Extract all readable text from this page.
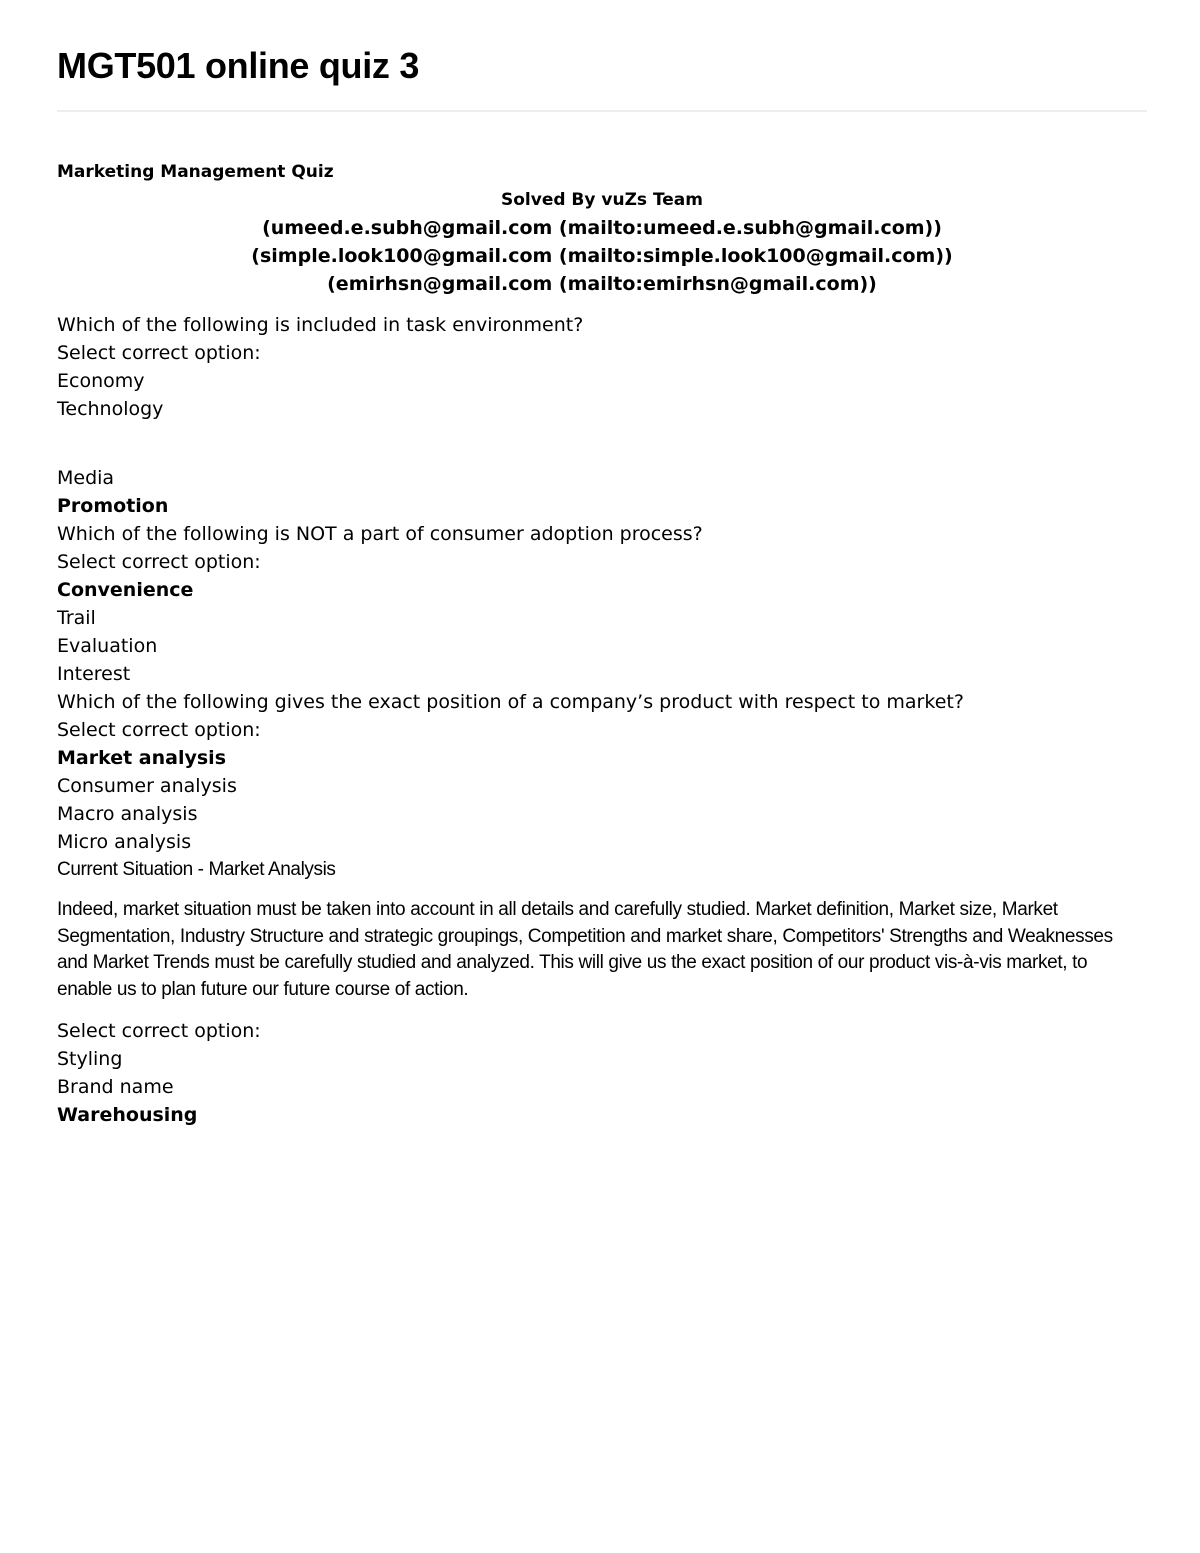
MGT501 online quiz 3
Marketing Management Quiz
Solved By vuZs Team
(umeed.e.subh@gmail.com (mailto:umeed.e.subh@gmail.com))
(simple.look100@gmail.com (mailto:simple.look100@gmail.com))
(emirhsn@gmail.com (mailto:emirhsn@gmail.com))
Which of the following is included in task environment?
Select correct option:
Economy
Technology
Media
Promotion
Which of the following is NOT a part of consumer adoption process?
Select correct option:
Convenience
Trail
Evaluation
Interest
Which of the following gives the exact position of a company’s product with respect to market?
Select correct option:
Market analysis
Consumer analysis
Macro analysis
Micro analysis
Current Situation - Market Analysis
Indeed, market situation must be taken into account in all details and carefully studied. Market definition, Market size, Market Segmentation, Industry Structure and strategic groupings, Competition and market share, Competitors' Strengths and Weaknesses and Market Trends must be carefully studied and analyzed. This will give us the exact position of our product vis-à-vis market, to enable us to plan future our future course of action.
Select correct option:
Styling
Brand name
Warehousing
